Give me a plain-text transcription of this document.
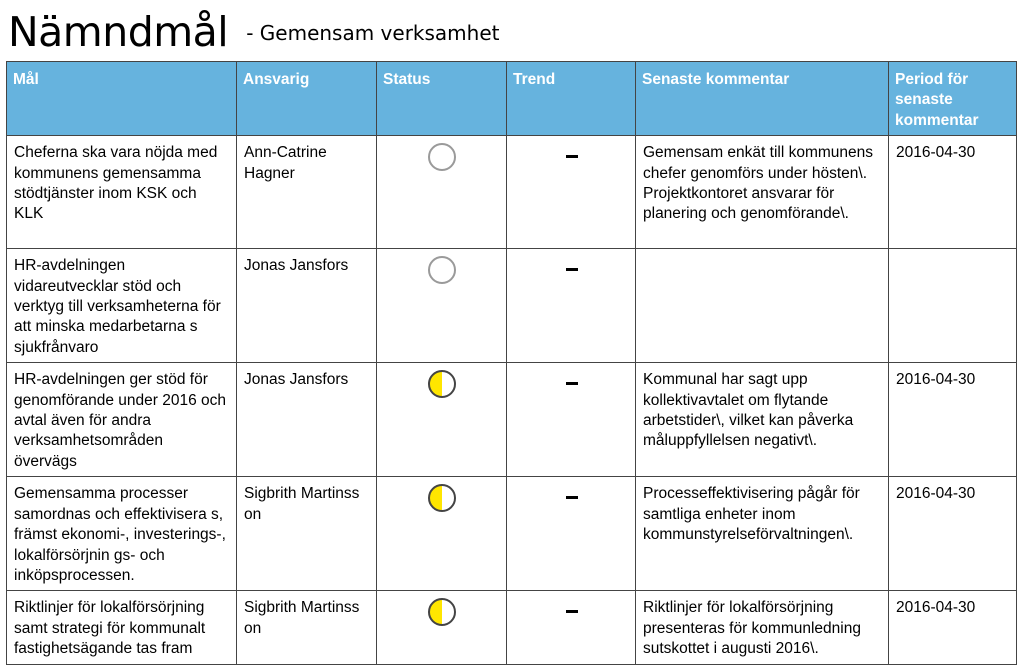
Nämndmål - Gemensam verksamhet
Mål	Ansvarig	Status	Trend	Senaste kommentar	Period för senaste kommentar
Cheferna ska vara nöjda med kommunens gemensamma stödtjänster inom KSK och KLK	Ann-Catrine Hagner			Gemensam enkät till kommunens chefer genomförs under hösten\. Projektkontoret ansvarar för planering och genomförande\.	2016-04-30
HR-avdelningen vidareutvecklar stöd och verktyg till verksamheterna för att minska medarbetarna s sjukfrånvaro	Jonas Jansfors				
HR-avdelningen ger stöd för genomförande under 2016 och avtal även för andra verksamhetsområden övervägs	Jonas Jansfors			Kommunal har sagt upp kollektivavtalet om flytande arbetstider\, vilket kan påverka måluppfyllelsen negativt\.	2016-04-30
Gemensamma processer samordnas och effektivisera s, främst ekonomi-, investerings-, lokalförsörjnin gs- och inköpsprocessen.	Sigbrith Martinss on			Processeffektivisering pågår för samtliga enheter inom kommunstyrelseförvaltningen\.	2016-04-30
Riktlinjer för lokalförsörjning samt strategi för kommunalt fastighetsägande tas fram	Sigbrith Martinss on			Riktlinjer för lokalförsörjning presenteras för kommunledning sutskottet i augusti 2016\.	2016-04-30
